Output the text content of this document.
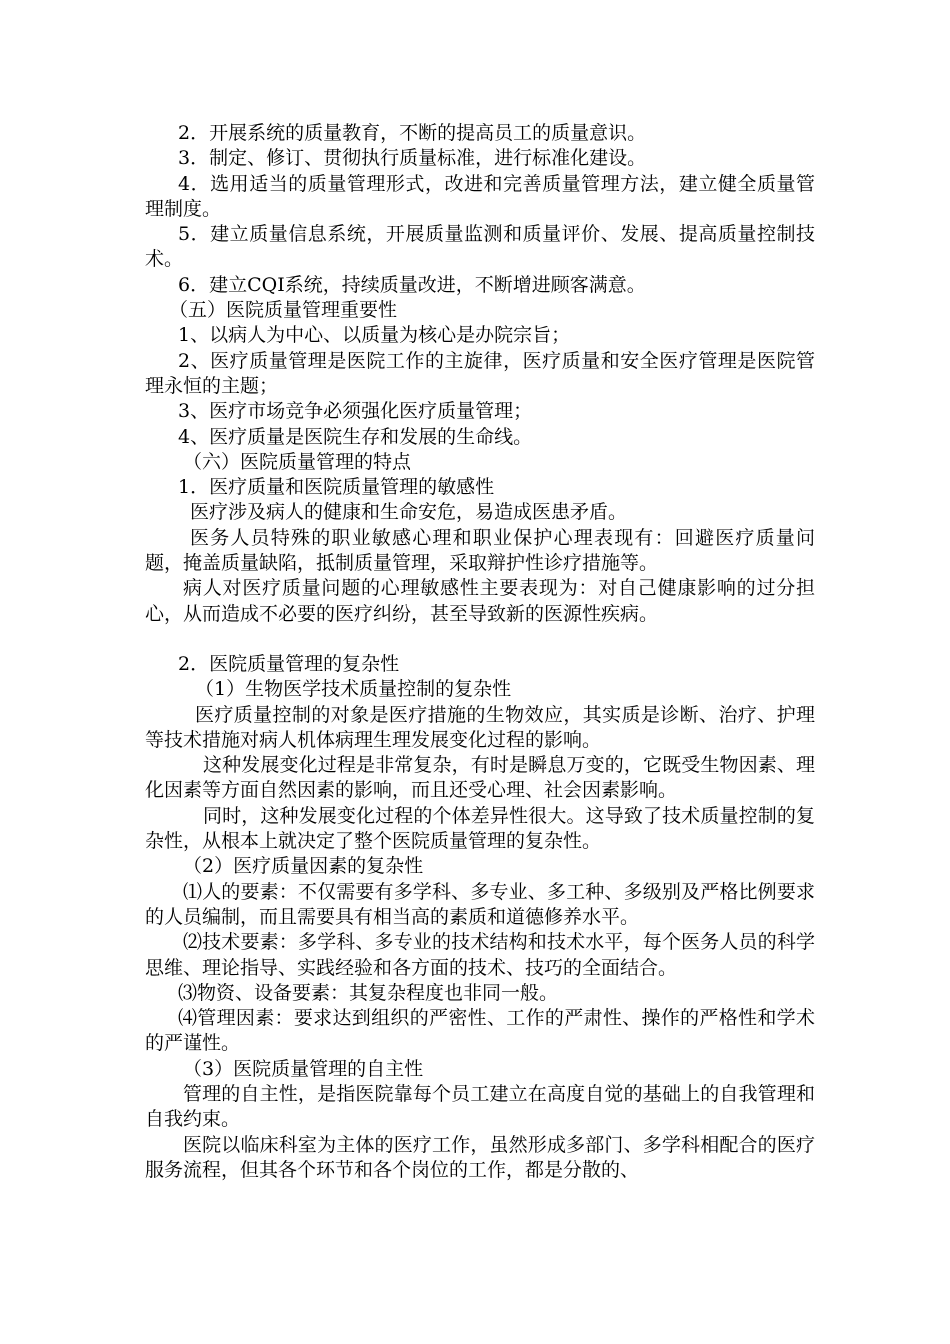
2．开展系统的质量教育，不断的提高员工的质量意识。

3．制定、修订、贯彻执行质量标准，进行标准化建设。

4．选用适当的质量管理形式，改进和完善质量管理方法，建立健全质量管理制度。

5．建立质量信息系统，开展质量监测和质量评价、发展、提高质量控制技术。

6．建立CQI系统，持续质量改进，不断增进顾客满意。

（五）医院质量管理重要性

1、以病人为中心、以质量为核心是办院宗旨；

2、医疗质量管理是医院工作的主旋律，医疗质量和安全医疗管理是医院管理永恒的主题；

3、医疗市场竞争必须强化医疗质量管理；

4、医疗质量是医院生存和发展的生命线。

（六）医院质量管理的特点

1．医疗质量和医院质量管理的敏感性

医疗涉及病人的健康和生命安危，易造成医患矛盾。

医务人员特殊的职业敏感心理和职业保护心理表现有：回避医疗质量问题，掩盖质量缺陷，抵制质量管理，采取辩护性诊疗措施等。

病人对医疗质量问题的心理敏感性主要表现为：对自己健康影响的过分担心，从而造成不必要的医疗纠纷，甚至导致新的医源性疾病。

2．医院质量管理的复杂性

（1）生物医学技术质量控制的复杂性

医疗质量控制的对象是医疗措施的生物效应，其实质是诊断、治疗、护理等技术措施对病人机体病理生理发展变化过程的影响。

这种发展变化过程是非常复杂，有时是瞬息万变的，它既受生物因素、理化因素等方面自然因素的影响，而且还受心理、社会因素影响。

同时，这种发展变化过程的个体差异性很大。这导致了技术质量控制的复杂性，从根本上就决定了整个医院质量管理的复杂性。

（2）医疗质量因素的复杂性

⑴人的要素：不仅需要有多学科、多专业、多工种、多级别及严格比例要求的人员编制，而且需要具有相当高的素质和道德修养水平。

⑵技术要素：多学科、多专业的技术结构和技术水平，每个医务人员的科学思维、理论指导、实践经验和各方面的技术、技巧的全面结合。

⑶物资、设备要素：其复杂程度也非同一般。

⑷管理因素：要求达到组织的严密性、工作的严肃性、操作的严格性和学术的严谨性。

（3）医院质量管理的自主性

管理的自主性，是指医院靠每个员工建立在高度自觉的基础上的自我管理和自我约束。

医院以临床科室为主体的医疗工作，虽然形成多部门、多学科相配合的医疗服务流程，但其各个环节和各个岗位的工作，都是分散的、
